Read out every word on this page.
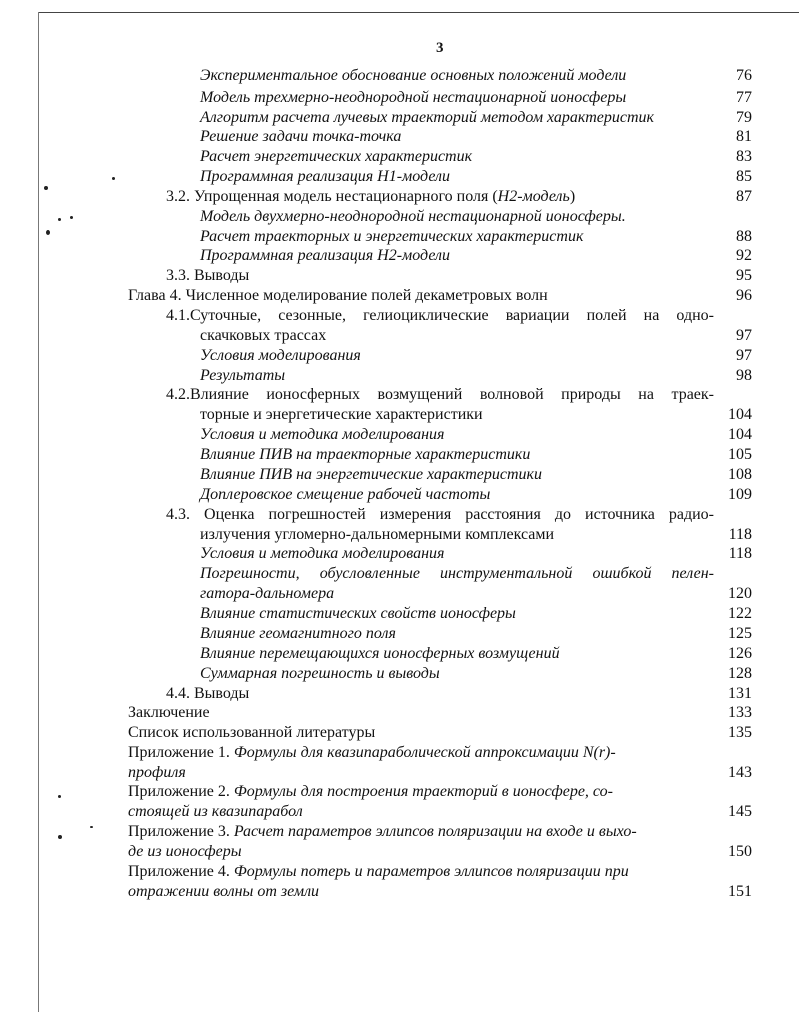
3
Экспериментальное обоснование основных положений модели	76
Модель трехмерно-неоднородной нестационарной ионосферы	77
Алгоритм расчета лучевых траекторий методом характеристик	79
Решение задачи точка-точка	81
Расчет энергетических характеристик	83
Программная реализация H1-модели	85
3.2. Упрощенная модель нестационарного поля (H2-модель)	87
Модель двухмерно-неоднородной нестационарной ионосферы.
Расчет траекторных и энергетических характеристик	88
Программная реализация H2-модели	92
3.3. Выводы	95
Глава 4. Численное моделирование полей декаметровых волн	96
4.1.Суточные, сезонные, гелиоциклические вариации полей на одно-
скачковых трассах	97
Условия моделирования	97
Результаты	98
4.2.Влияние ионосферных возмущений волновой природы на траек-
торные и энергетические характеристики	104
Условия и методика моделирования	104
Влияние ПИВ на траекторные характеристики	105
Влияние ПИВ на энергетические характеристики	108
Доплеровское смещение рабочей частоты	109
4.3. Оценка погрешностей измерения расстояния до источника радио-
излучения угломерно-дальномерными комплексами	118
Условия и методика моделирования	118
Погрешности, обусловленные инструментальной ошибкой пелен-
гатора-дальномера	120
Влияние статистических свойств ионосферы	122
Влияние геомагнитного поля	125
Влияние перемещающихся ионосферных возмущений	126
Суммарная погрешность и выводы	128
4.4. Выводы	131
Заключение	133
Список использованной литературы	135
Приложение 1. Формулы для квазипараболической аппроксимации N(r)-
профиля	143
Приложение 2. Формулы для построения траекторий в ионосфере, со-
стоящей из квазипарабол	145
Приложение 3. Расчет параметров эллипсов поляризации на входе и выхо-
де из ионосферы	150
Приложение 4. Формулы потерь и параметров эллипсов поляризации при
отражении волны от земли	151
